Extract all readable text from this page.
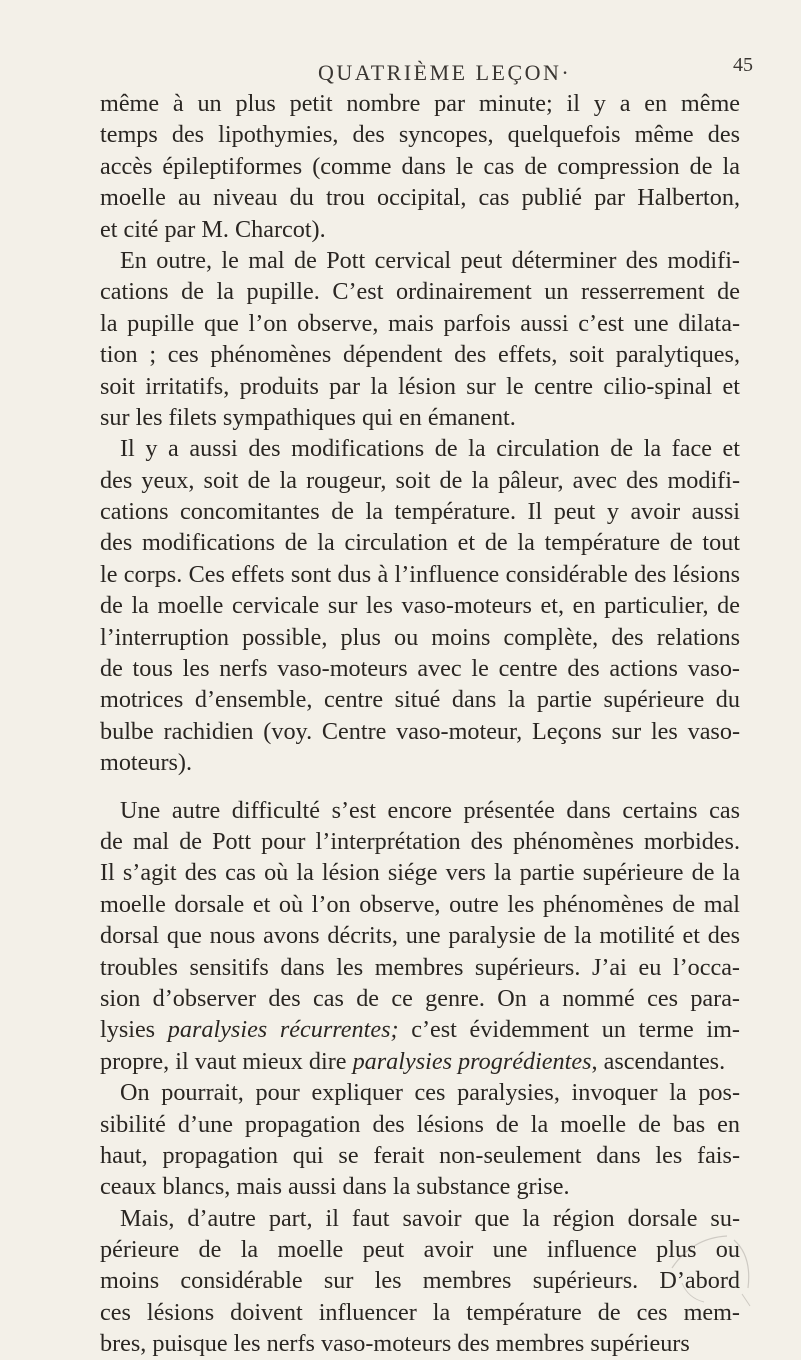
QUATRIÈME LEÇON·	45
même à un plus petit nombre par minute; il y a en même
temps des lipothymies, des syncopes, quelquefois même des
accès épileptiformes (comme dans le cas de compression de la
moelle au niveau du trou occipital, cas publié par Halberton,
et cité par M. Charcot).
En outre, le mal de Pott cervical peut déterminer des modifi-
cations de la pupille. C’est ordinairement un resserrement de
la pupille que l’on observe, mais parfois aussi c’est une dilata-
tion ; ces phénomènes dépendent des effets, soit paralytiques,
soit irritatifs, produits par la lésion sur le centre cilio-spinal et
sur les filets sympathiques qui en émanent.
Il y a aussi des modifications de la circulation de la face et
des yeux, soit de la rougeur, soit de la pâleur, avec des modifi-
cations concomitantes de la température. Il peut y avoir aussi
des modifications de la circulation et de la température de tout
le corps. Ces effets sont dus à l’influence considérable des lésions
de la moelle cervicale sur les vaso-moteurs et, en particulier, de
l’interruption possible, plus ou moins complète, des relations
de tous les nerfs vaso-moteurs avec le centre des actions vaso-
motrices d’ensemble, centre situé dans la partie supérieure du
bulbe rachidien (voy. Centre vaso-moteur, Leçons sur les vaso-
moteurs).
Une autre difficulté s’est encore présentée dans certains cas
de mal de Pott pour l’interprétation des phénomènes morbides.
Il s’agit des cas où la lésion siége vers la partie supérieure de la
moelle dorsale et où l’on observe, outre les phénomènes de mal
dorsal que nous avons décrits, une paralysie de la motilité et des
troubles sensitifs dans les membres supérieurs. J’ai eu l’occa-
sion d’observer des cas de ce genre. On a nommé ces para-
lysies paralysies récurrentes; c’est évidemment un terme im-
propre, il vaut mieux dire paralysies progrédientes, ascendantes.
On pourrait, pour expliquer ces paralysies, invoquer la pos-
sibilité d’une propagation des lésions de la moelle de bas en
haut, propagation qui se ferait non-seulement dans les fais-
ceaux blancs, mais aussi dans la substance grise.
Mais, d’autre part, il faut savoir que la région dorsale su-
périeure de la moelle peut avoir une influence plus ou
moins considérable sur les membres supérieurs. D’abord
ces lésions doivent influencer la température de ces mem-
bres, puisque les nerfs vaso-moteurs des membres supérieurs
